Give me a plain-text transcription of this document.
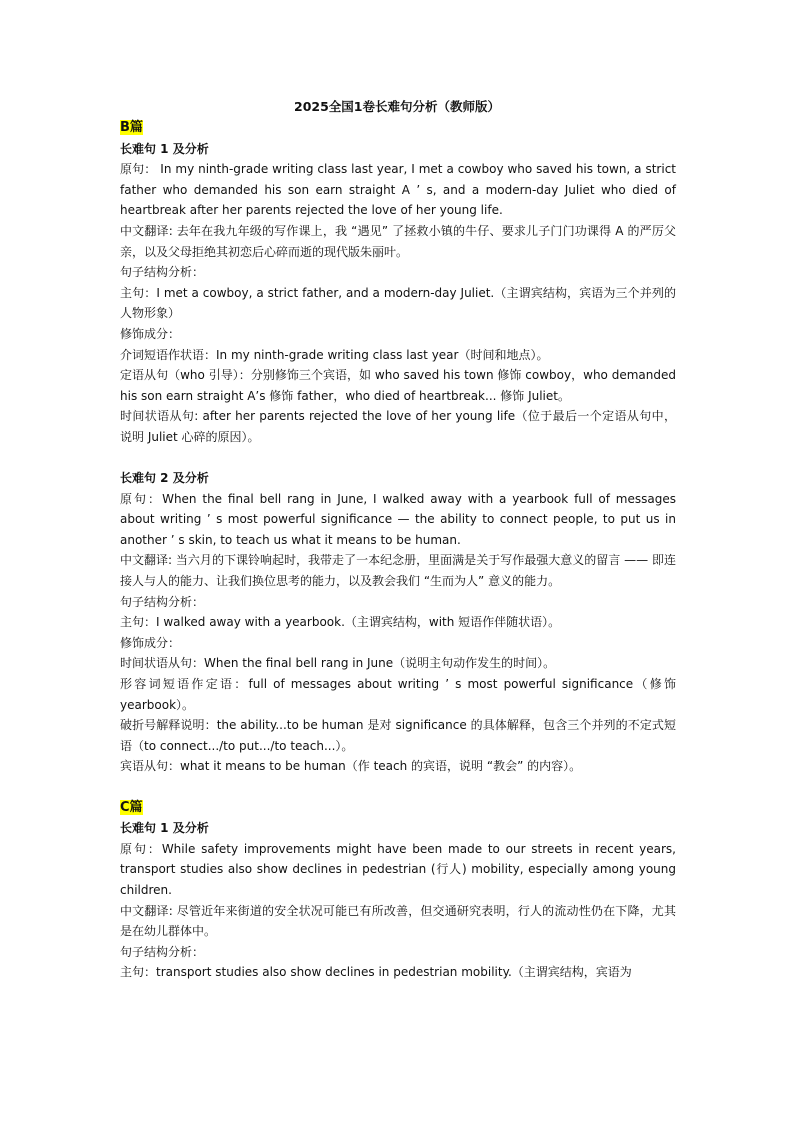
2025全国1卷长难句分析（教师版）
B篇

长难句 1 及分析

原句： In my ninth-grade writing class last year, I met a cowboy who saved his town, a strict father who demanded his son earn straight A ’ s, and a modern-day Juliet who died of heartbreak after her parents rejected the love of her young life.

中文翻译: 去年在我九年级的写作课上，我 “遇见” 了拯救小镇的牛仔、要求儿子门门功课得 A 的严厉父亲，以及父母拒绝其初恋后心碎而逝的现代版朱丽叶。

句子结构分析：

主句：I met a cowboy, a strict father, and a modern-day Juliet.（主谓宾结构，宾语为三个并列的人物形象）

修饰成分：

介词短语作状语：In my ninth-grade writing class last year（时间和地点）。

定语从句（who 引导）：分别修饰三个宾语，如 who saved his town 修饰 cowboy，who demanded his son earn straight A’s 修饰 father，who died of heartbreak... 修饰 Juliet。

时间状语从句: after her parents rejected the love of her young life（位于最后一个定语从句中，说明 Juliet 心碎的原因）。

长难句 2 及分析

原句：When the final bell rang in June, I walked away with a yearbook full of messages about writing ’ s most powerful significance — the ability to connect people, to put us in another ’ s skin, to teach us what it means to be human.

中文翻译: 当六月的下课铃响起时，我带走了一本纪念册，里面满是关于写作最强大意义的留言 —— 即连接人与人的能力、让我们换位思考的能力，以及教会我们 “生而为人” 意义的能力。

句子结构分析：

主句：I walked away with a yearbook.（主谓宾结构，with 短语作伴随状语）。

修饰成分：

时间状语从句：When the final bell rang in June（说明主句动作发生的时间）。

形容词短语作定语：full of messages about writing ’ s most powerful significance（修饰 yearbook）。

破折号解释说明：the ability...to be human 是对 significance 的具体解释，包含三个并列的不定式短语（to connect.../to put.../to teach...）。

宾语从句：what it means to be human（作 teach 的宾语，说明 “教会” 的内容）。

C篇

长难句 1 及分析

原句：While safety improvements might have been made to our streets in recent years, transport studies also show declines in pedestrian (行人) mobility, especially among young children.

中文翻译: 尽管近年来街道的安全状况可能已有所改善，但交通研究表明，行人的流动性仍在下降，尤其是在幼儿群体中。

句子结构分析：

主句：transport studies also show declines in pedestrian mobility.（主谓宾结构，宾语为
